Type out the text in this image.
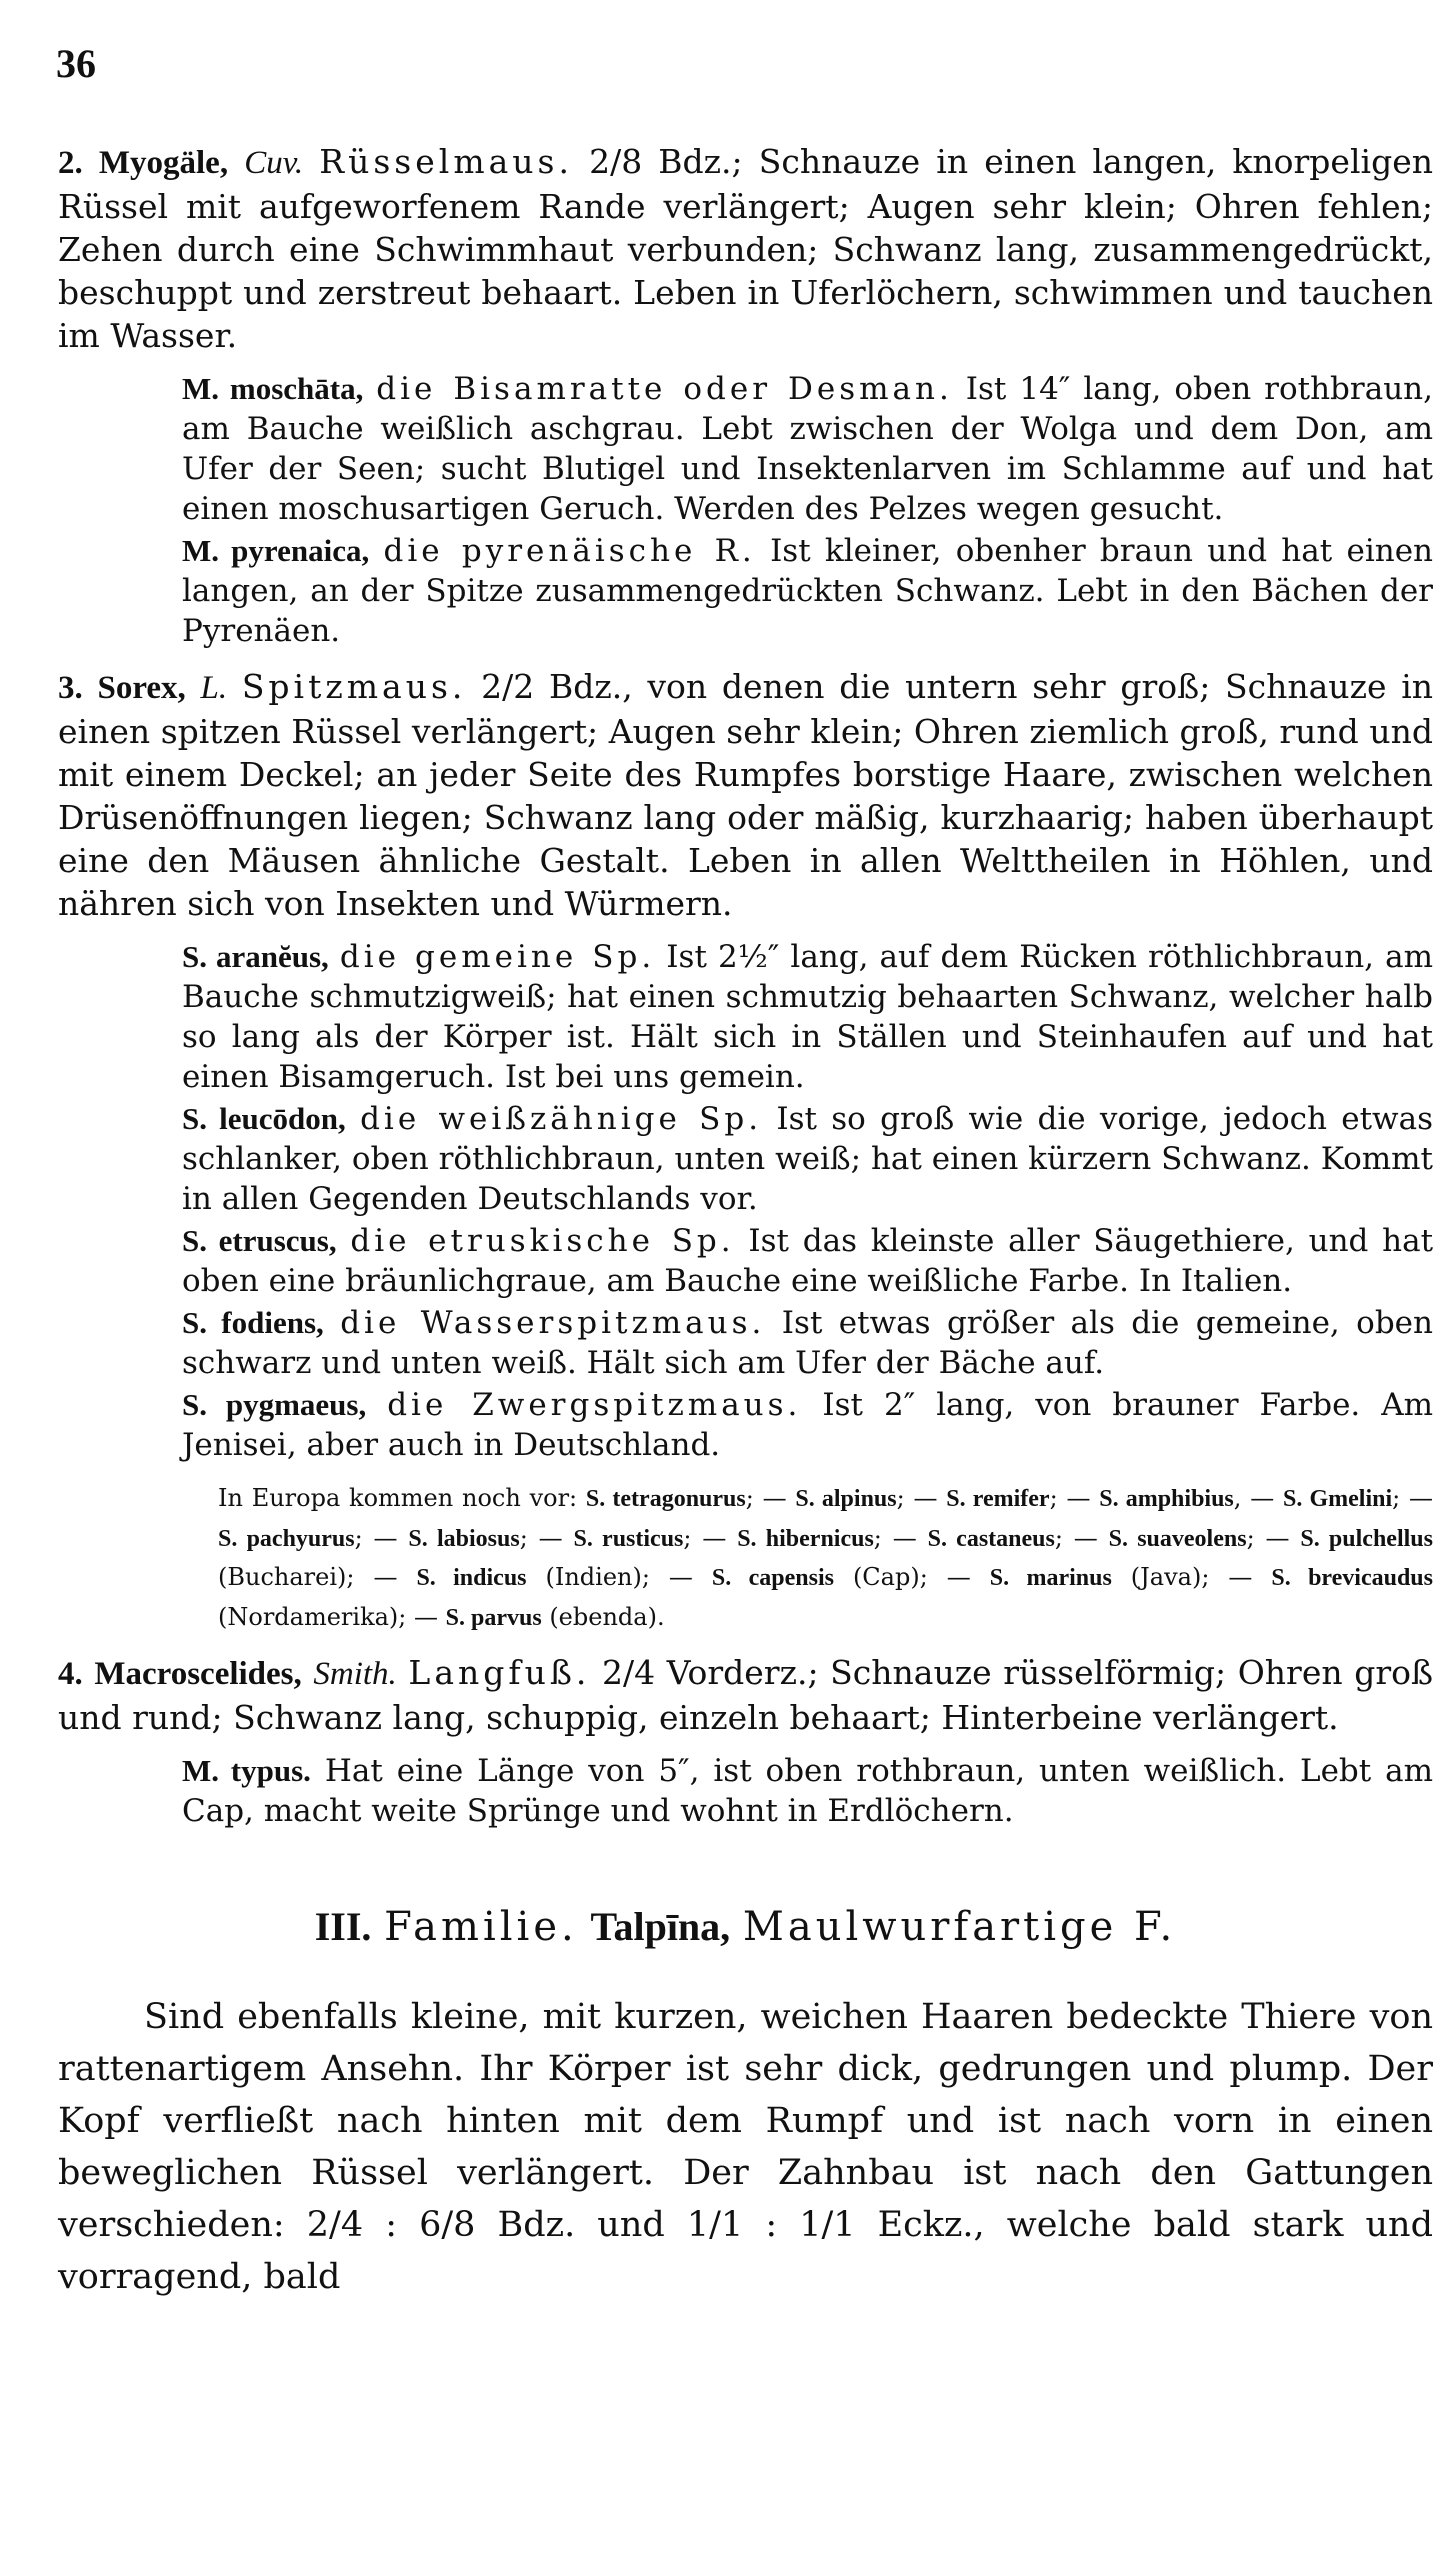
36

2. Myogäle, Cuv. Rüsselmaus. 2/8 Bdz.; Schnauze in einen langen, knorpeligen Rüssel mit aufgeworfenem Rande verlängert; Augen sehr klein; Ohren fehlen; Zehen durch eine Schwimmhaut verbunden; Schwanz lang, zusammengedrückt, beschuppt und zerstreut behaart. Leben in Uferlöchern, schwimmen und tauchen im Wasser.

M. moschāta, die Bisamratte oder Desman. Ist 14″ lang, oben rothbraun, am Bauche weißlich aschgrau. Lebt zwischen der Wolga und dem Don, am Ufer der Seen; sucht Blutigel und Insektenlarven im Schlamme auf und hat einen moschusartigen Geruch. Werden des Pelzes wegen gesucht.

M. pyrenaica, die pyrenäische R. Ist kleiner, obenher braun und hat einen langen, an der Spitze zusammengedrückten Schwanz. Lebt in den Bächen der Pyrenäen.

3. Sorex, L. Spitzmaus. 2/2 Bdz., von denen die untern sehr groß; Schnauze in einen spitzen Rüssel verlängert; Augen sehr klein; Ohren ziemlich groß, rund und mit einem Deckel; an jeder Seite des Rumpfes borstige Haare, zwischen welchen Drüsenöffnungen liegen; Schwanz lang oder mäßig, kurzhaarig; haben überhaupt eine den Mäusen ähnliche Gestalt. Leben in allen Welttheilen in Höhlen, und nähren sich von Insekten und Würmern.

S. aranĕus, die gemeine Sp. Ist 2½″ lang, auf dem Rücken röthlichbraun, am Bauche schmutzigweiß; hat einen schmutzig behaarten Schwanz, welcher halb so lang als der Körper ist. Hält sich in Ställen und Steinhaufen auf und hat einen Bisamgeruch. Ist bei uns gemein.

S. leucōdon, die weißzähnige Sp. Ist so groß wie die vorige, jedoch etwas schlanker, oben röthlichbraun, unten weiß; hat einen kürzern Schwanz. Kommt in allen Gegenden Deutschlands vor.

S. etruscus, die etruskische Sp. Ist das kleinste aller Säugethiere, und hat oben eine bräunlichgraue, am Bauche eine weißliche Farbe. In Italien.

S. fodiens, die Wasserspitzmaus. Ist etwas größer als die gemeine, oben schwarz und unten weiß. Hält sich am Ufer der Bäche auf.

S. pygmaeus, die Zwergspitzmaus. Ist 2″ lang, von brauner Farbe. Am Jenisei, aber auch in Deutschland.

In Europa kommen noch vor: S. tetragonurus; — S. alpinus; — S. remifer; — S. amphibius, — S. Gmelini; — S. pachyurus; — S. labiosus; — S. rusticus; — S. hibernicus; — S. castaneus; — S. suaveolens; — S. pulchellus (Bucharei); — S. indicus (Indien); — S. capensis (Cap); — S. marinus (Java); — S. brevicaudus (Nordamerika); — S. parvus (ebenda).

4. Macroscelides, Smith. Langfuß. 2/4 Vorderz.; Schnauze rüsselförmig; Ohren groß und rund; Schwanz lang, schuppig, einzeln behaart; Hinterbeine verlängert.

M. typus. Hat eine Länge von 5″, ist oben rothbraun, unten weißlich. Lebt am Cap, macht weite Sprünge und wohnt in Erdlöchern.

III. Familie. Talpīna, Maulwurfartige F.

Sind ebenfalls kleine, mit kurzen, weichen Haaren bedeckte Thiere von rattenartigem Ansehn. Ihr Körper ist sehr dick, gedrungen und plump. Der Kopf verfließt nach hinten mit dem Rumpf und ist nach vorn in einen beweglichen Rüssel verlängert. Der Zahnbau ist nach den Gattungen verschieden: 2/4 : 6/8 Bdz. und 1/1 : 1/1 Eckz., welche bald stark und vorragend, bald
